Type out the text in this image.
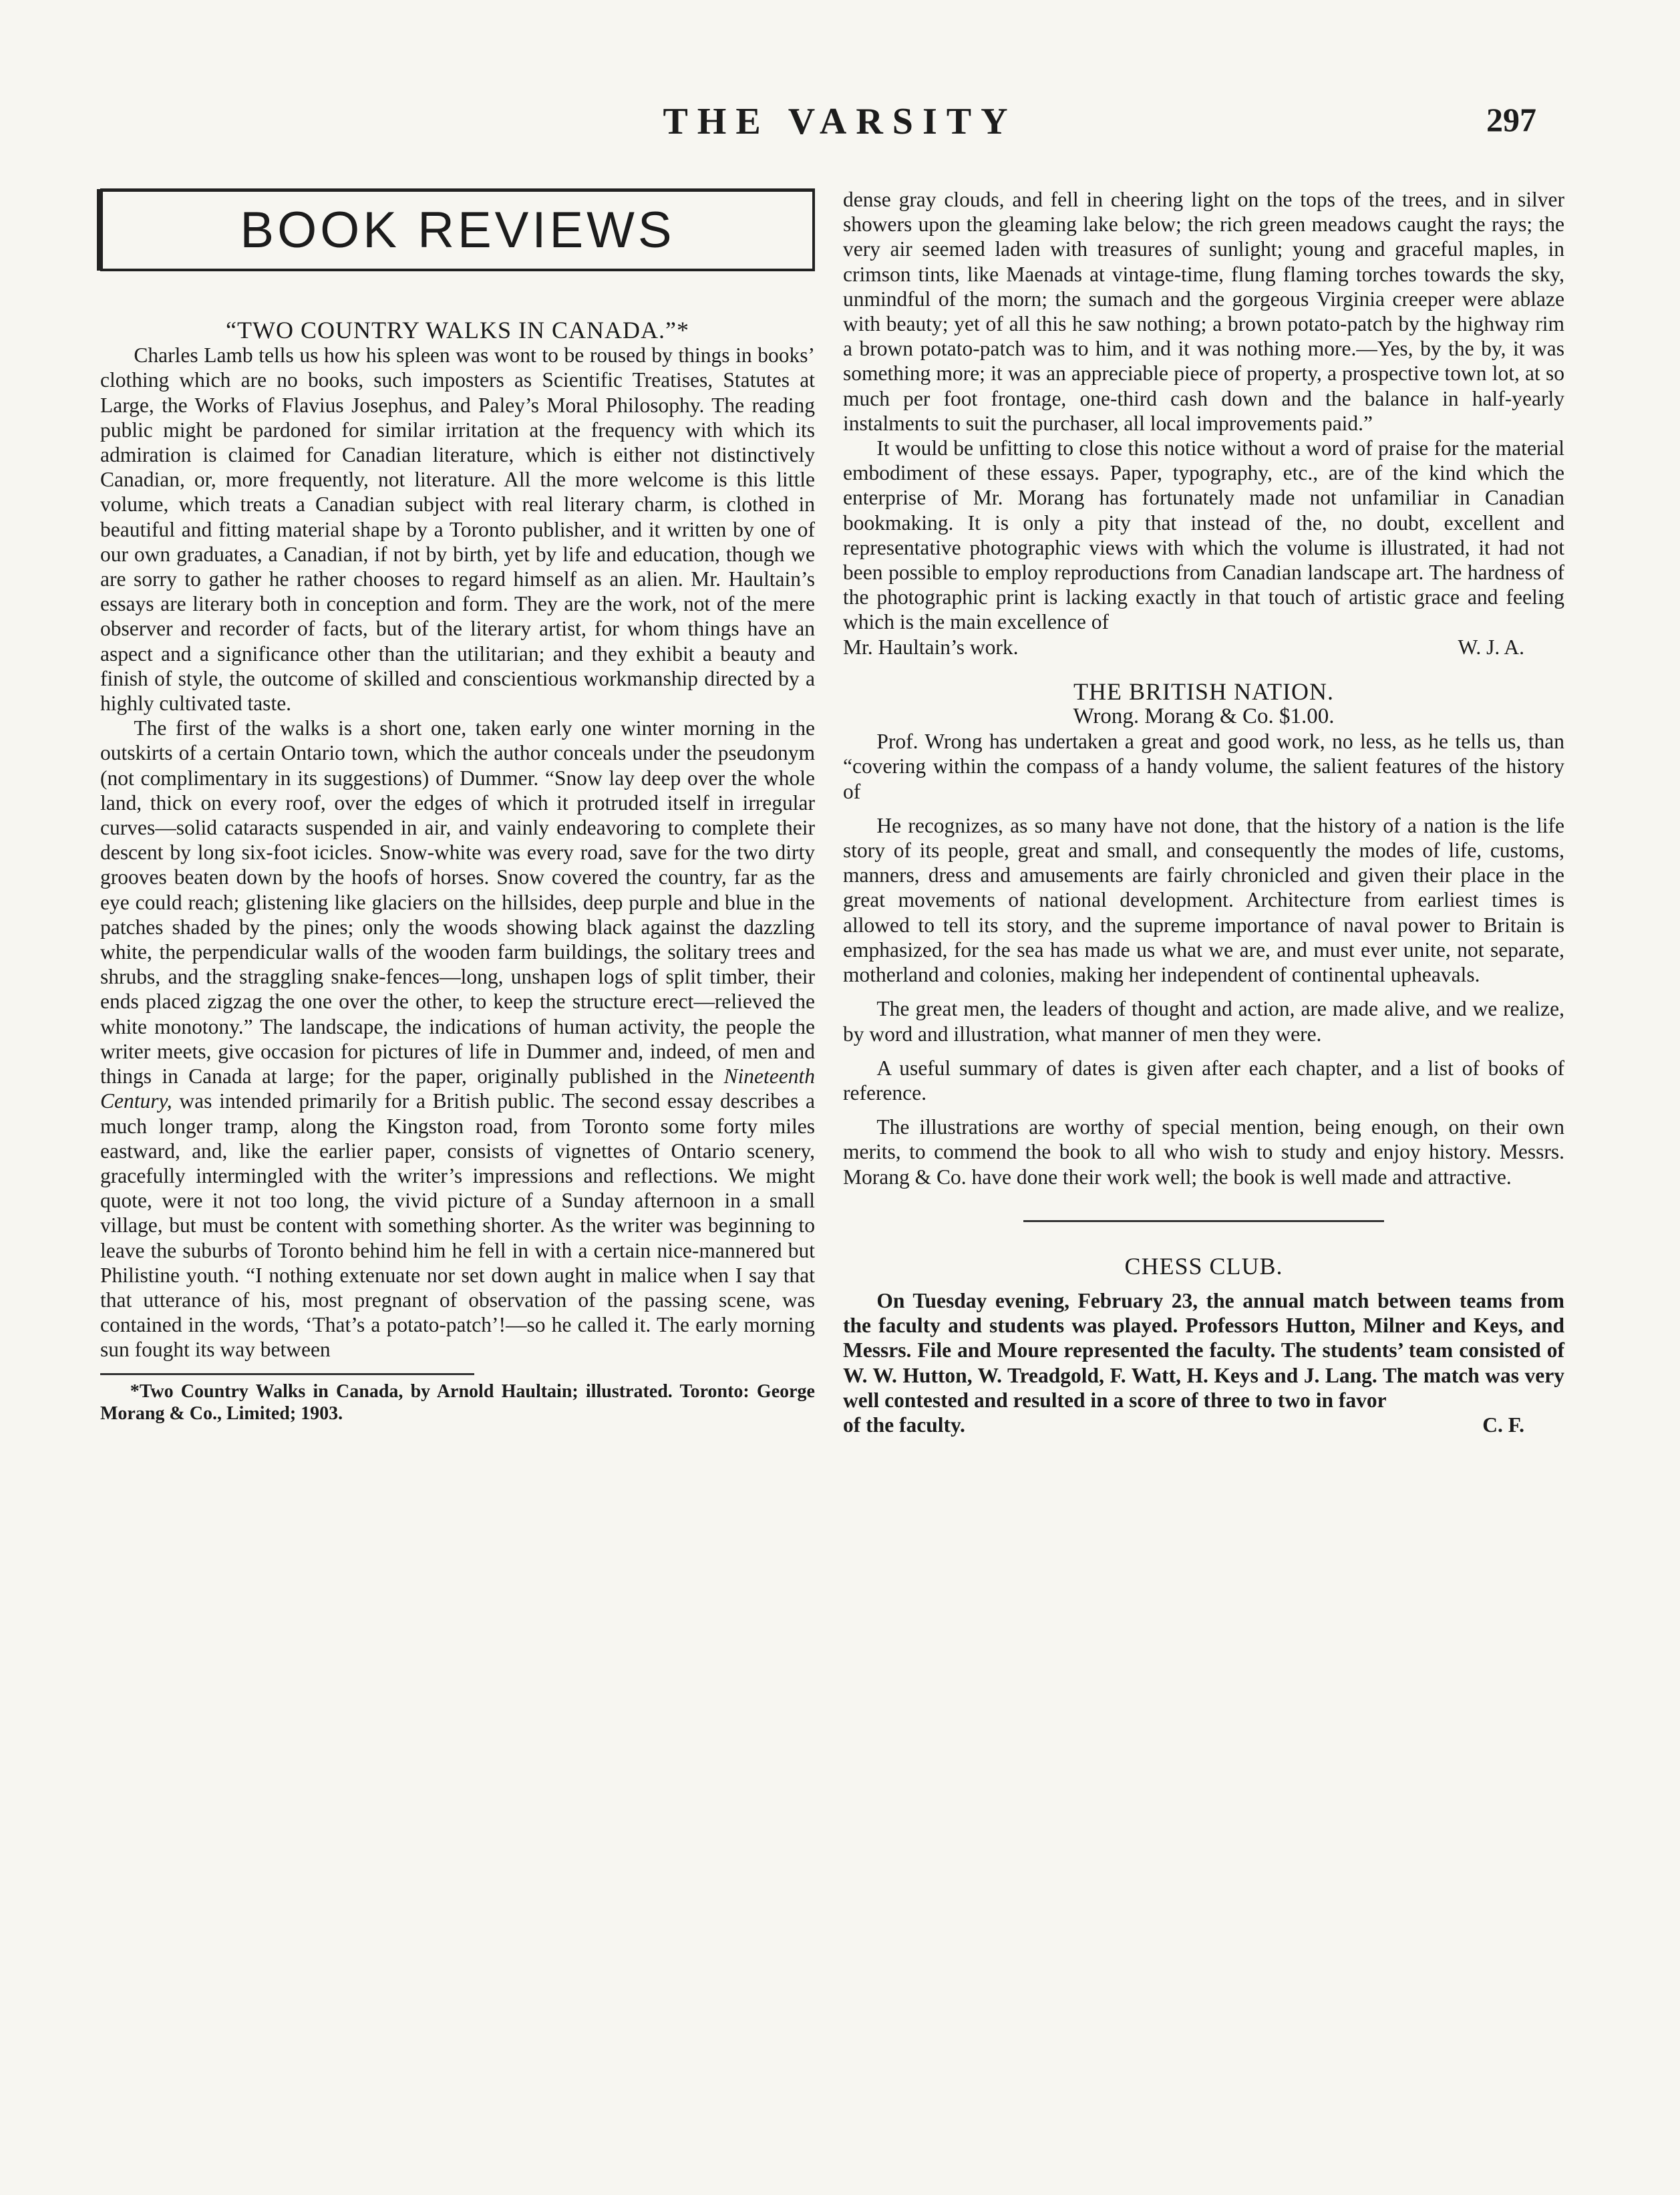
THE VARSITY	297
BOOK REVIEWS

“TWO COUNTRY WALKS IN CANADA.”*

Charles Lamb tells us how his spleen was wont to be roused by things in books’ clothing which are no books, such imposters as Scientific Treatises, Statutes at Large, the Works of Flavius Josephus, and Paley’s Moral Philosophy. The reading public might be pardoned for similar irritation at the frequency with which its admiration is claimed for Canadian literature, which is either not distinctively Canadian, or, more frequently, not literature. All the more welcome is this little volume, which treats a Canadian subject with real literary charm, is clothed in beautiful and fitting material shape by a Toronto publisher, and it written by one of our own graduates, a Canadian, if not by birth, yet by life and education, though we are sorry to gather he rather chooses to regard himself as an alien. Mr. Haultain’s essays are literary both in conception and form. They are the work, not of the mere observer and recorder of facts, but of the literary artist, for whom things have an aspect and a significance other than the utilitarian; and they exhibit a beauty and finish of style, the outcome of skilled and conscientious workmanship directed by a highly cultivated taste.

The first of the walks is a short one, taken early one winter morning in the outskirts of a certain Ontario town, which the author conceals under the pseudonym (not complimentary in its suggestions) of Dummer. “Snow lay deep over the whole land, thick on every roof, over the edges of which it protruded itself in irregular curves—solid cataracts suspended in air, and vainly endeavoring to complete their descent by long six-foot icicles. Snow-white was every road, save for the two dirty grooves beaten down by the hoofs of horses. Snow covered the country, far as the eye could reach; glistening like glaciers on the hillsides, deep purple and blue in the patches shaded by the pines; only the woods showing black against the dazzling white, the perpendicular walls of the wooden farm buildings, the solitary trees and shrubs, and the straggling snake-fences—long, unshapen logs of split timber, their ends placed zigzag the one over the other, to keep the structure erect—relieved the white monotony.” The landscape, the indications of human activity, the people the writer meets, give occasion for pictures of life in Dummer and, indeed, of men and things in Canada at large; for the paper, originally published in the Nineteenth Century, was intended primarily for a British public. The second essay describes a much longer tramp, along the Kingston road, from Toronto some forty miles eastward, and, like the earlier paper, consists of vignettes of Ontario scenery, gracefully intermingled with the writer’s impressions and reflections. We might quote, were it not too long, the vivid picture of a Sunday afternoon in a small village, but must be content with something shorter. As the writer was beginning to leave the suburbs of Toronto behind him he fell in with a certain nice-mannered but Philistine youth. “I nothing extenuate nor set down aught in malice when I say that that utterance of his, most pregnant of observation of the passing scene, was contained in the words, ‘That’s a potato-patch’!—so he called it. The early morning sun fought its way between

*Two Country Walks in Canada, by Arnold Haultain; illustrated. Toronto: George Morang & Co., Limited; 1903.

dense gray clouds, and fell in cheering light on the tops of the trees, and in silver showers upon the gleaming lake below; the rich green meadows caught the rays; the very air seemed laden with treasures of sunlight; young and graceful maples, in crimson tints, like Maenads at vintage-time, flung flaming torches towards the sky, unmindful of the morn; the sumach and the gorgeous Virginia creeper were ablaze with beauty; yet of all this he saw nothing; a brown potato-patch by the highway rim a brown potato-patch was to him, and it was nothing more.—Yes, by the by, it was something more; it was an appreciable piece of property, a prospective town lot, at so much per foot frontage, one-third cash down and the balance in half-yearly instalments to suit the purchaser, all local improvements paid.”

It would be unfitting to close this notice without a word of praise for the material embodiment of these essays. Paper, typography, etc., are of the kind which the enterprise of Mr. Morang has fortunately made not unfamiliar in Canadian bookmaking. It is only a pity that instead of the, no doubt, excellent and representative photographic views with which the volume is illustrated, it had not been possible to employ reproductions from Canadian landscape art. The hardness of the photographic print is lacking exactly in that touch of artistic grace and feeling which is the main excellence of

Mr. Haultain’s work.	W. J. A.

THE BRITISH NATION.

Wrong. Morang & Co. $1.00.

Prof. Wrong has undertaken a great and good work, no less, as he tells us, than “covering within the compass of a handy volume, the salient features of the history of

He recognizes, as so many have not done, that the history of a nation is the life story of its people, great and small, and consequently the modes of life, customs, manners, dress and amusements are fairly chronicled and given their place in the great movements of national development. Architecture from earliest times is allowed to tell its story, and the supreme importance of naval power to Britain is emphasized, for the sea has made us what we are, and must ever unite, not separate, motherland and colonies, making her independent of continental upheavals.

The great men, the leaders of thought and action, are made alive, and we realize, by word and illustration, what manner of men they were.

A useful summary of dates is given after each chapter, and a list of books of reference.

The illustrations are worthy of special mention, being enough, on their own merits, to commend the book to all who wish to study and enjoy history. Messrs. Morang & Co. have done their work well; the book is well made and attractive.

CHESS CLUB.

On Tuesday evening, February 23, the annual match between teams from the faculty and students was played. Professors Hutton, Milner and Keys, and Messrs. File and Moure represented the faculty. The students’ team consisted of W. W. Hutton, W. Treadgold, F. Watt, H. Keys and J. Lang. The match was very well contested and resulted in a score of three to two in favor

of the faculty.	C. F.
